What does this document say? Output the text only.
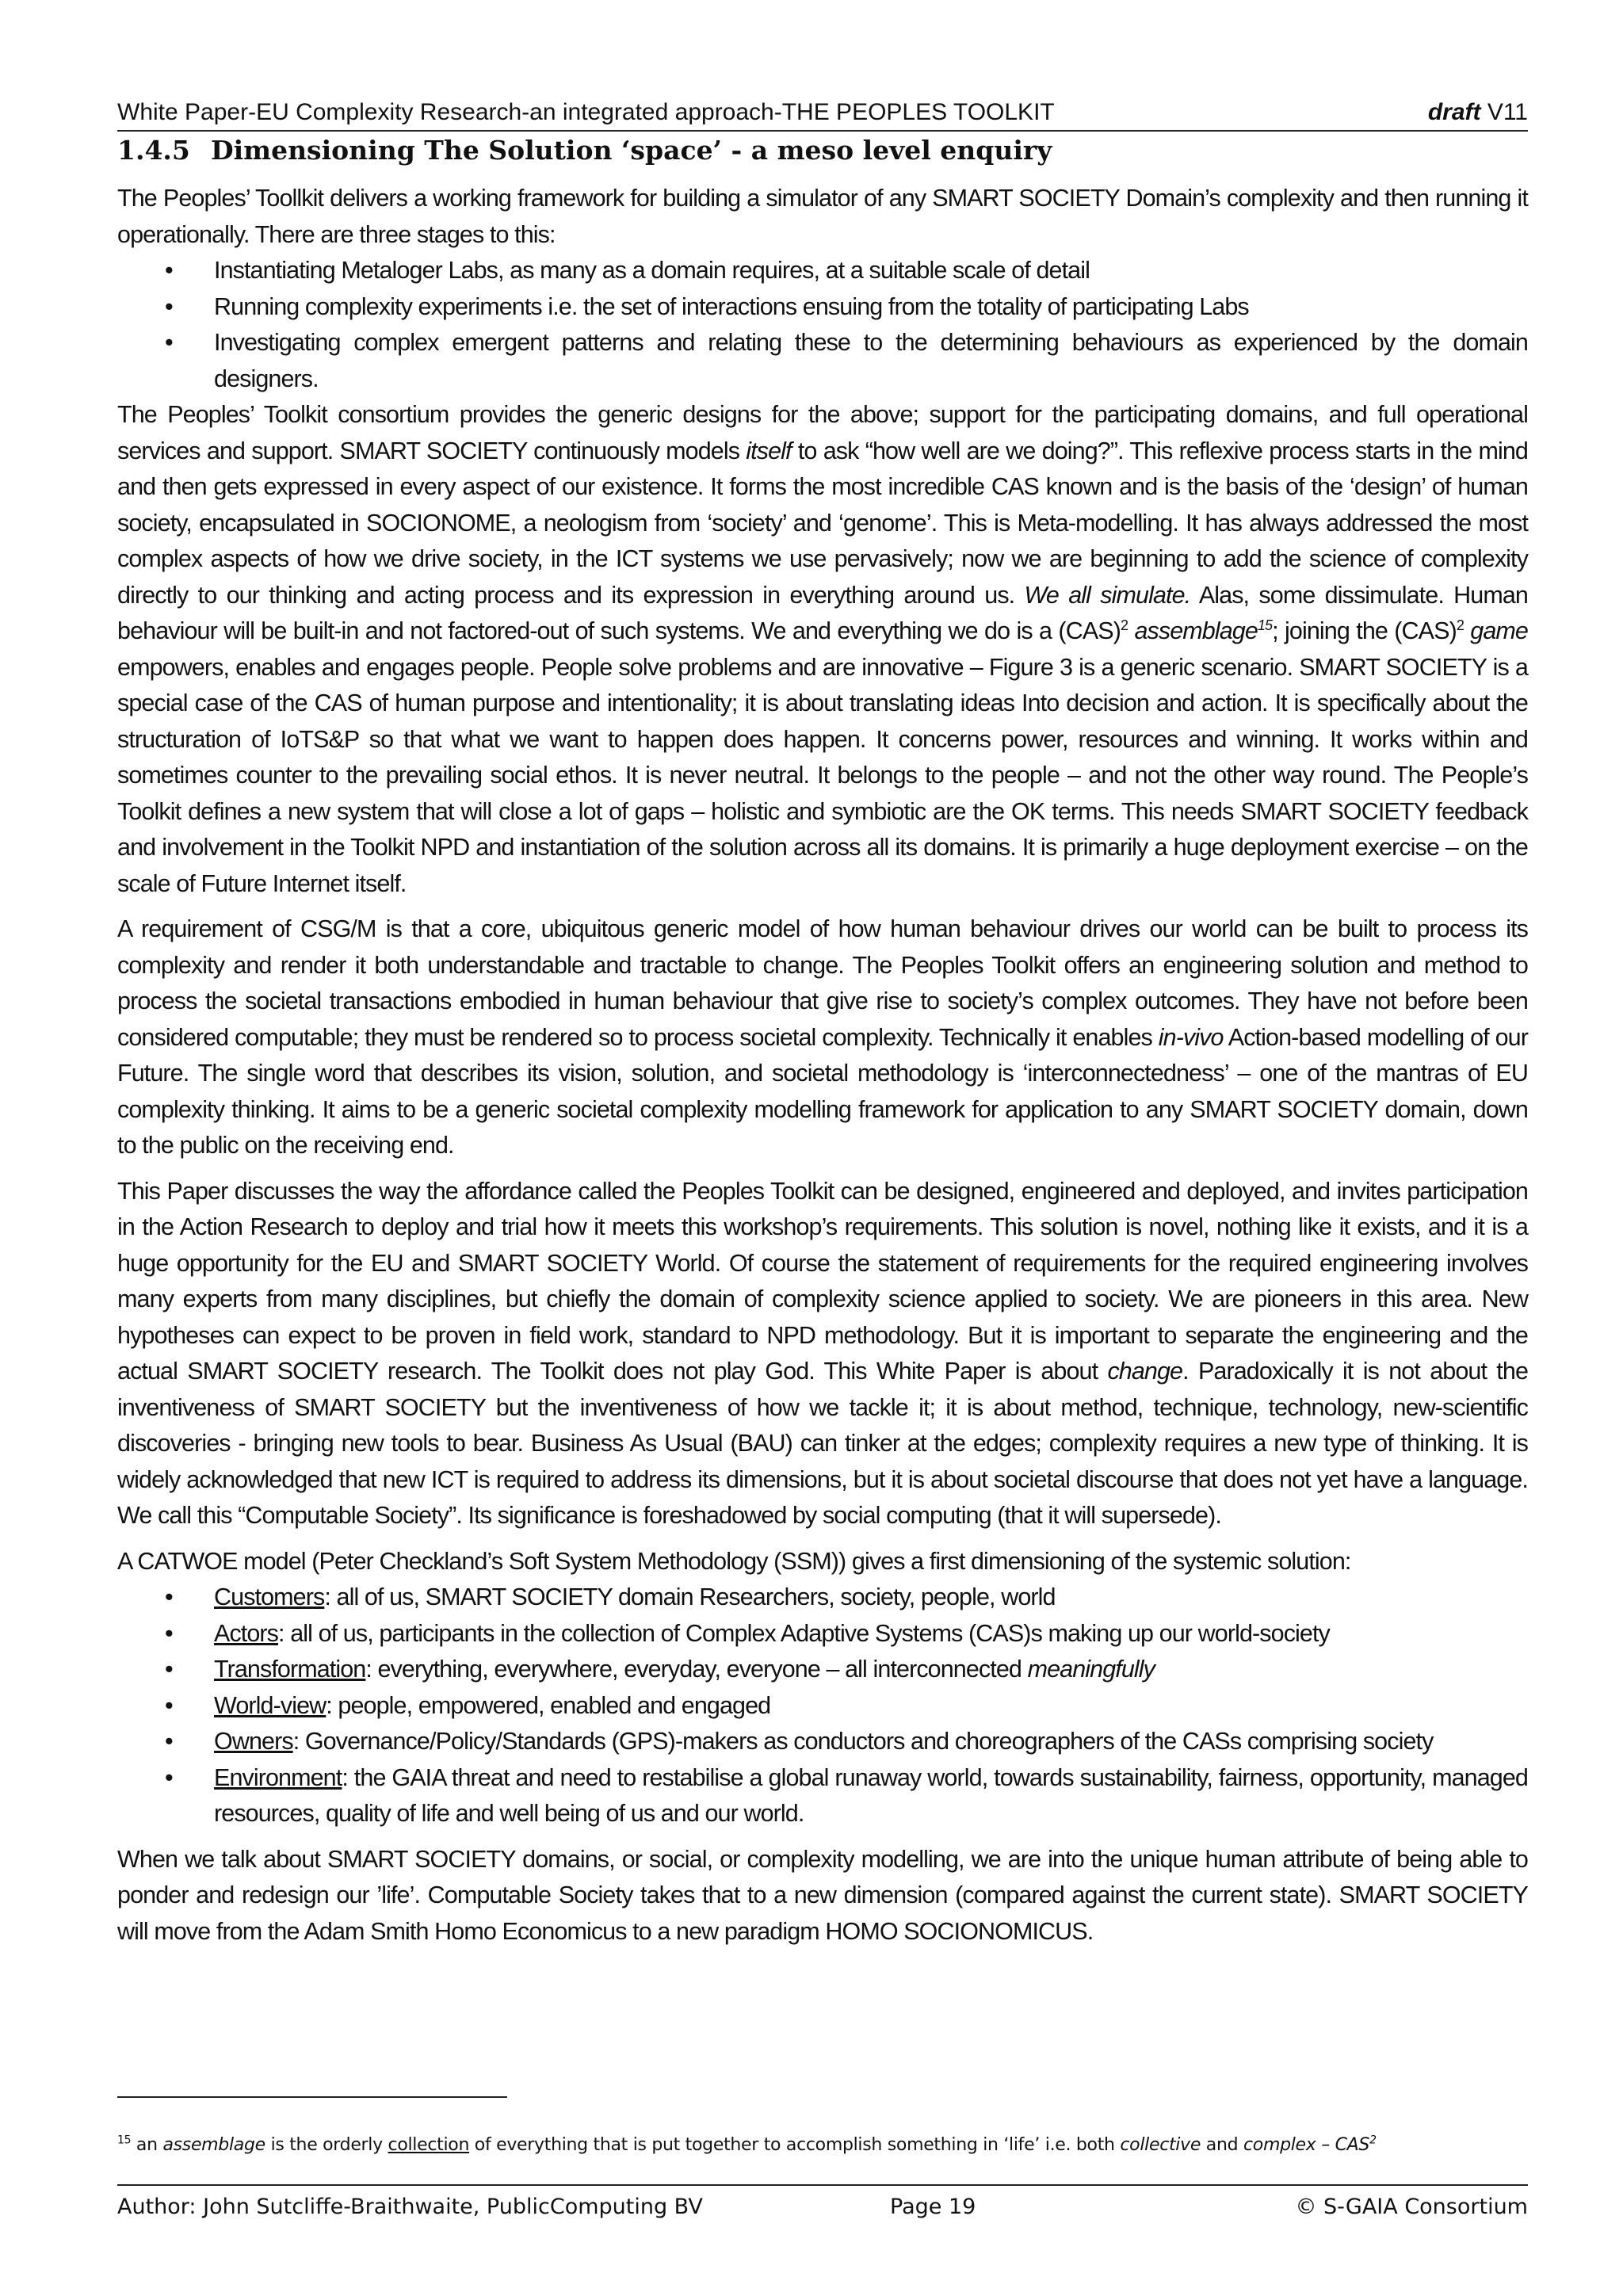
White Paper-EU Complexity Research-an integrated approach-THE PEOPLES TOOLKIT	draft V11
1.4.5 Dimensioning The Solution ‘space’ - a meso level enquiry

The Peoples’ Toollkit delivers a working framework for building a simulator of any SMART SOCIETY Domain’s complexity and then running it operationally. There are three stages to this:

• Instantiating Metaloger Labs, as many as a domain requires, at a suitable scale of detail
• Running complexity experiments i.e. the set of interactions ensuing from the totality of participating Labs
• Investigating complex emergent patterns and relating these to the determining behaviours as experienced by the domain designers.

The Peoples’ Toolkit consortium provides the generic designs for the above; support for the participating domains, and full operational services and support. SMART SOCIETY continuously models itself to ask “how well are we doing?”. This reflexive process starts in the mind and then gets expressed in every aspect of our existence. It forms the most incredible CAS known and is the basis of the ‘design’ of human society, encapsulated in SOCIONOME, a neologism from ‘society’ and ‘genome’. This is Meta-modelling. It has always addressed the most complex aspects of how we drive society, in the ICT systems we use pervasively; now we are beginning to add the science of complexity directly to our thinking and acting process and its expression in everything around us. We all simulate. Alas, some dissimulate. Human behaviour will be built-in and not factored-out of such systems. We and everything we do is a (CAS)$^2$ assemblage$^{15}$; joining the (CAS)$^2$ game empowers, enables and engages people. People solve problems and are innovative – Figure 3 is a generic scenario. SMART SOCIETY is a special case of the CAS of human purpose and intentionality; it is about translating ideas Into decision and action. It is specifically about the structuration of IoTS&P so that what we want to happen does happen. It concerns power, resources and winning. It works within and sometimes counter to the prevailing social ethos. It is never neutral. It belongs to the people – and not the other way round. The People’s Toolkit defines a new system that will close a lot of gaps – holistic and symbiotic are the OK terms. This needs SMART SOCIETY feedback and involvement in the Toolkit NPD and instantiation of the solution across all its domains. It is primarily a huge deployment exercise – on the scale of Future Internet itself.

A requirement of CSG/M is that a core, ubiquitous generic model of how human behaviour drives our world can be built to process its complexity and render it both understandable and tractable to change. The Peoples Toolkit offers an engineering solution and method to process the societal transactions embodied in human behaviour that give rise to society’s complex outcomes. They have not before been considered computable; they must be rendered so to process societal complexity. Technically it enables in-vivo Action-based modelling of our Future. The single word that describes its vision, solution, and societal methodology is ‘interconnectedness’ – one of the mantras of EU complexity thinking. It aims to be a generic societal complexity modelling framework for application to any SMART SOCIETY domain, down to the public on the receiving end.

This Paper discusses the way the affordance called the Peoples Toolkit can be designed, engineered and deployed, and invites participation in the Action Research to deploy and trial how it meets this workshop’s requirements. This solution is novel, nothing like it exists, and it is a huge opportunity for the EU and SMART SOCIETY World. Of course the statement of requirements for the required engineering involves many experts from many disciplines, but chiefly the domain of complexity science applied to society. We are pioneers in this area. New hypotheses can expect to be proven in field work, standard to NPD methodology. But it is important to separate the engineering and the actual SMART SOCIETY research. The Toolkit does not play God. This White Paper is about change. Paradoxically it is not about the inventiveness of SMART SOCIETY but the inventiveness of how we tackle it; it is about method, technique, technology, new-scientific discoveries - bringing new tools to bear. Business As Usual (BAU) can tinker at the edges; complexity requires a new type of thinking. It is widely acknowledged that new ICT is required to address its dimensions, but it is about societal discourse that does not yet have a language. We call this “Computable Society”. Its significance is foreshadowed by social computing (that it will supersede).

A CATWOE model (Peter Checkland’s Soft System Methodology (SSM)) gives a first dimensioning of the systemic solution:

• Customers: all of us, SMART SOCIETY domain Researchers, society, people, world
• Actors: all of us, participants in the collection of Complex Adaptive Systems (CAS)s making up our world-society
• Transformation: everything, everywhere, everyday, everyone – all interconnected meaningfully
• World-view: people, empowered, enabled and engaged
• Owners: Governance/Policy/Standards (GPS)-makers as conductors and choreographers of the CASs comprising society
• Environment: the GAIA threat and need to restabilise a global runaway world, towards sustainability, fairness, opportunity, managed resources, quality of life and well being of us and our world.

When we talk about SMART SOCIETY domains, or social, or complexity modelling, we are into the unique human attribute of being able to ponder and redesign our ’life’. Computable Society takes that to a new dimension (compared against the current state). SMART SOCIETY will move from the Adam Smith Homo Economicus to a new paradigm HOMO SOCIONOMICUS.

$^{15}$ an assemblage is the orderly collection of everything that is put together to accomplish something in ‘life’ i.e. both collective and complex – CAS$^2$
Author: John Sutcliffe-Braithwaite, PublicComputing BV	Page 19	© S-GAIA Consortium
